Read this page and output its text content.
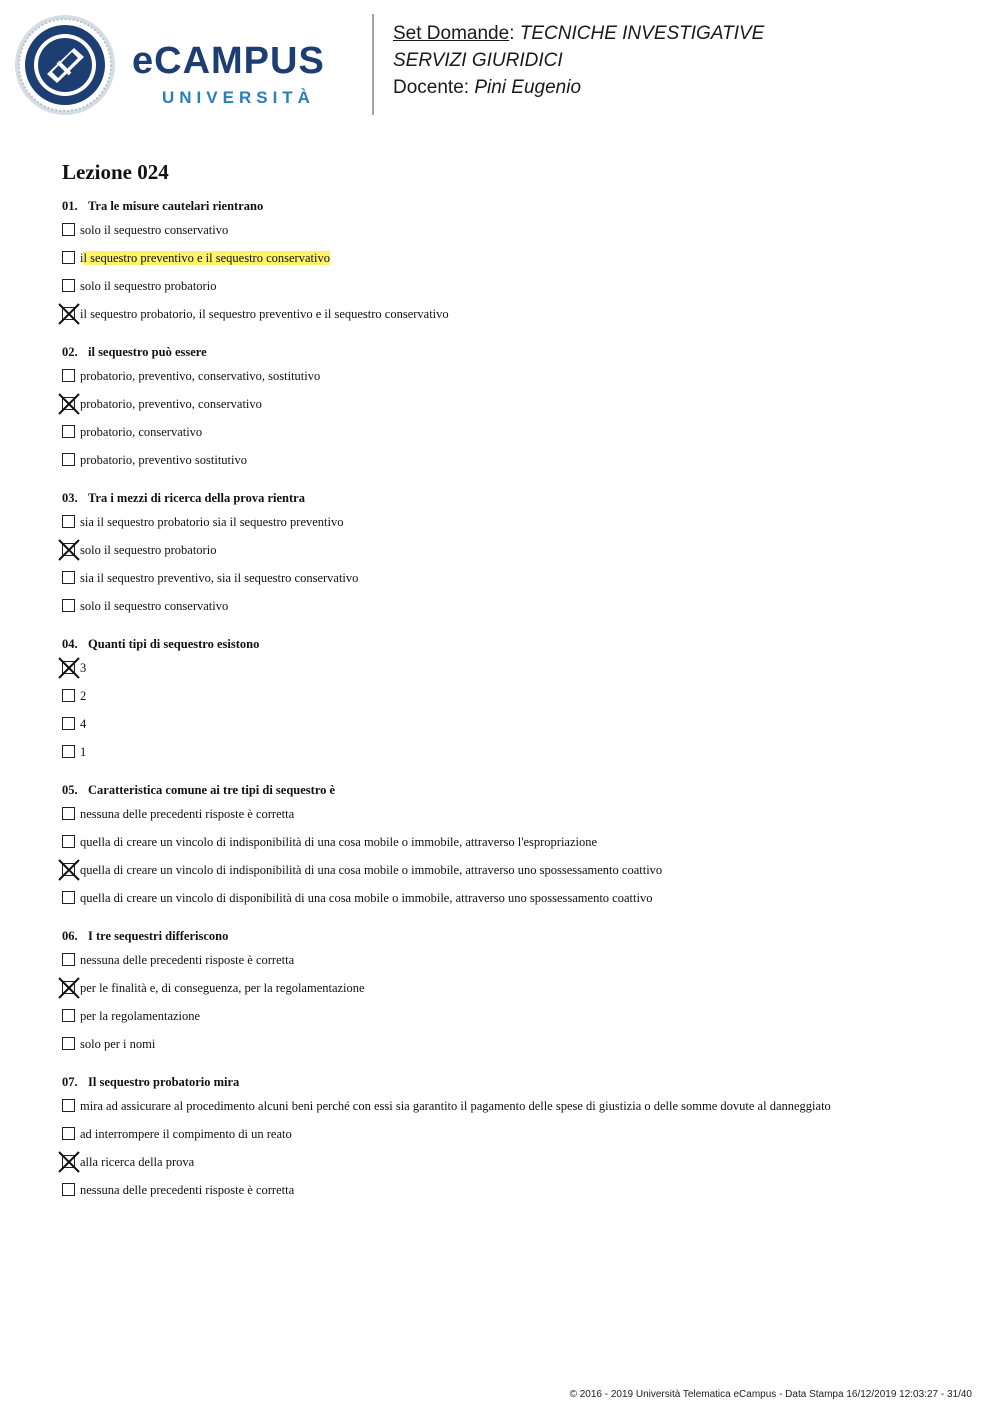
eCAMPUS
UNIVERSITÀ
Set Domande: TECNICHE INVESTIGATIVE
SERVIZI GIURIDICI
Docente: Pini Eugenio
Lezione 024
01. Tra le misure cautelari rientrano
solo il sequestro conservativo
il sequestro preventivo e il sequestro conservativo
solo il sequestro probatorio
il sequestro probatorio, il sequestro preventivo e il sequestro conservativo
02. il sequestro può essere
probatorio, preventivo, conservativo, sostitutivo
probatorio, preventivo, conservativo
probatorio, conservativo
probatorio, preventivo sostitutivo
03. Tra i mezzi di ricerca della prova rientra
sia il sequestro probatorio sia il sequestro preventivo
solo il sequestro probatorio
sia il sequestro preventivo, sia il sequestro conservativo
solo il sequestro conservativo
04. Quanti tipi di sequestro esistono
3
2
4
1
05. Caratteristica comune ai tre tipi di sequestro è
nessuna delle precedenti risposte è corretta
quella di creare un vincolo di indisponibilità di una cosa mobile o immobile, attraverso l'espropriazione
quella di creare un vincolo di indisponibilità di una cosa mobile o immobile, attraverso uno spossessamento coattivo
quella di creare un vincolo di disponibilità di una cosa mobile o immobile, attraverso uno spossessamento coattivo
06. I tre sequestri differiscono
nessuna delle precedenti risposte è corretta
per le finalità e, di conseguenza, per la regolamentazione
per la regolamentazione
solo per i nomi
07. Il sequestro probatorio mira
mira ad assicurare al procedimento alcuni beni perché con essi sia garantito il pagamento delle spese di giustizia o delle somme dovute al danneggiato
ad interrompere il compimento di un reato
alla ricerca della prova
nessuna delle precedenti risposte è corretta
© 2016 - 2019 Università Telematica eCampus - Data Stampa 16/12/2019 12:03:27 - 31/40
